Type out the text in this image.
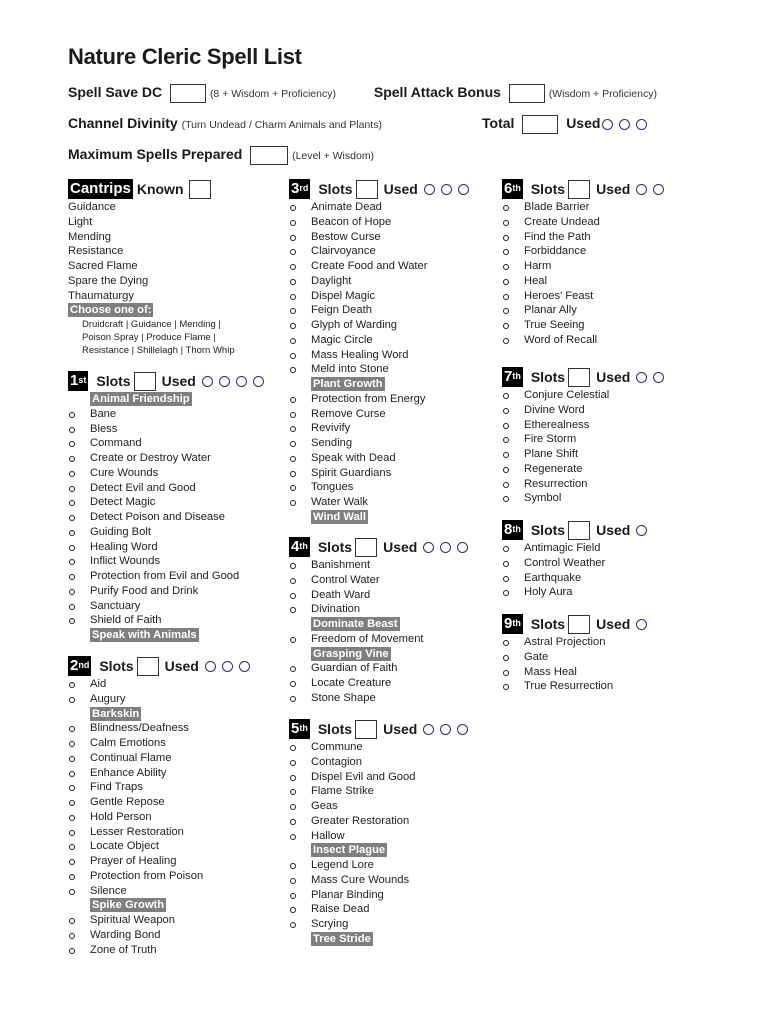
Nature Cleric Spell List
Spell Save DC	(8 + Wisdom + Proficiency)	Spell Attack Bonus	(Wisdom + Proficiency)
Channel Divinity (Turn Undead / Charm Animals and Plants)	Total	Used
Maximum Spells Prepared	(Level + Wisdom)
Cantrips Known
Guidance
Light
Mending
Resistance
Sacred Flame
Spare the Dying
Thaumaturgy
Choose one of:
Druidcraft | Guidance | Mending |
Poison Spray | Produce Flame |
Resistance | Shillelagh | Thorn Whip
1st Slots Used
Animal Friendship
Bane
Bless
Command
Create or Destroy Water
Cure Wounds
Detect Evil and Good
Detect Magic
Detect Poison and Disease
Guiding Bolt
Healing Word
Inflict Wounds
Protection from Evil and Good
Purify Food and Drink
Sanctuary
Shield of Faith
Speak with Animals
2nd Slots Used
Aid
Augury
Barkskin
Blindness/Deafness
Calm Emotions
Continual Flame
Enhance Ability
Find Traps
Gentle Repose
Hold Person
Lesser Restoration
Locate Object
Prayer of Healing
Protection from Poison
Silence
Spike Growth
Spiritual Weapon
Warding Bond
Zone of Truth
3rd Slots Used
Animate Dead
Beacon of Hope
Bestow Curse
Clairvoyance
Create Food and Water
Daylight
Dispel Magic
Feign Death
Glyph of Warding
Magic Circle
Mass Healing Word
Meld into Stone
Plant Growth
Protection from Energy
Remove Curse
Revivify
Sending
Speak with Dead
Spirit Guardians
Tongues
Water Walk
Wind Wall
4th Slots Used
Banishment
Control Water
Death Ward
Divination
Dominate Beast
Freedom of Movement
Grasping Vine
Guardian of Faith
Locate Creature
Stone Shape
5th Slots Used
Commune
Contagion
Dispel Evil and Good
Flame Strike
Geas
Greater Restoration
Hallow
Insect Plague
Legend Lore
Mass Cure Wounds
Planar Binding
Raise Dead
Scrying
Tree Stride
6th Slots Used
Blade Barrier
Create Undead
Find the Path
Forbiddance
Harm
Heal
Heroes' Feast
Planar Ally
True Seeing
Word of Recall
7th Slots Used
Conjure Celestial
Divine Word
Etherealness
Fire Storm
Plane Shift
Regenerate
Resurrection
Symbol
8th Slots Used
Antimagic Field
Control Weather
Earthquake
Holy Aura
9th Slots Used
Astral Projection
Gate
Mass Heal
True Resurrection
